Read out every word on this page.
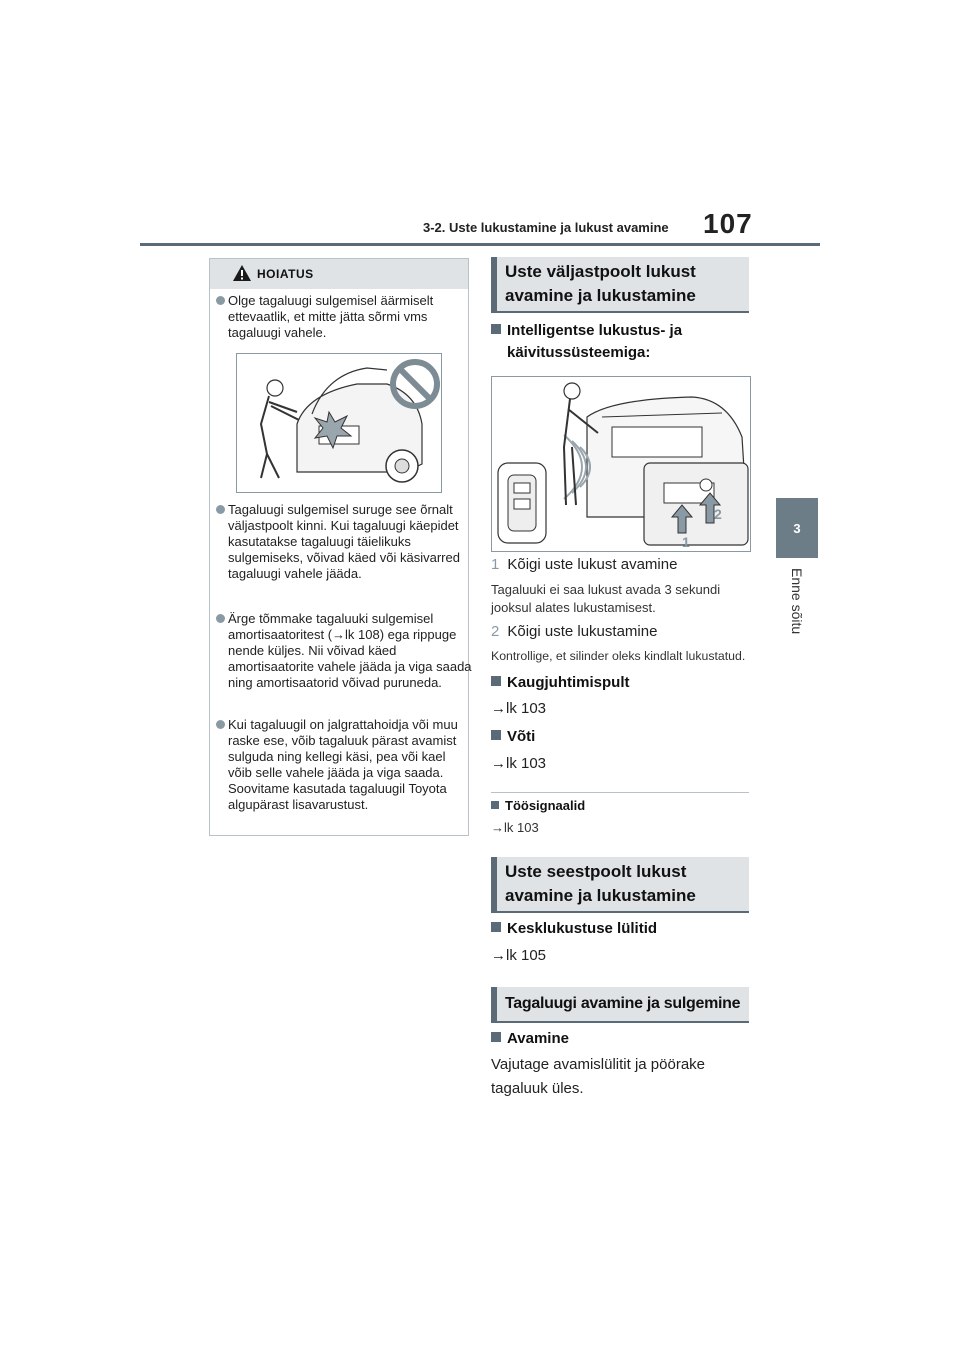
3-2. Uste lukustamine ja lukust avamine 107
3
Enne sõitu
HOIATUS
Olge tagaluugi sulgemisel äärmiselt ettevaatlik, et mitte jätta sõrmi vms tagaluugi vahele.
Tagaluugi sulgemisel suruge see õrnalt väljastpoolt kinni. Kui tagaluugi käepidet kasutatakse tagaluugi täielikuks sulgemiseks, võivad käed või käsivarred tagaluugi vahele jääda.
Ärge tõmmake tagaluuki sulgemisel amortisaatoritest (→lk 108) ega rippuge nende küljes. Nii võivad käed amortisaatorite vahele jääda ja viga saada ning amortisaatorid võivad puruneda.
Kui tagaluugil on jalgrattahoidja või muu raske ese, võib tagaluuk pärast avamist sulguda ning kellegi käsi, pea või kael võib selle vahele jääda ja viga saada. Soovitame kasutada tagaluugil Toyota algupärast lisavarustust.
Uste väljastpoolt lukust
avamine ja lukustamine
Intelligentse lukustus- ja
käivitussüsteemiga:
1
2
1 Kõigi uste lukust avamine
Tagaluuki ei saa lukust avada 3 sekundi
jooksul alates lukustamisest.
2 Kõigi uste lukustamine
Kontrollige, et silinder oleks kindlalt lukustatud.
Kaugjuhtimispult
→lk 103
Võti
→lk 103
Töösignaalid
→lk 103
Uste seestpoolt lukust
avamine ja lukustamine
Kesklukustuse lülitid
→lk 105
Tagaluugi avamine ja sulgemine
Avamine
Vajutage avamislülitit ja pöörake
tagaluuk üles.
